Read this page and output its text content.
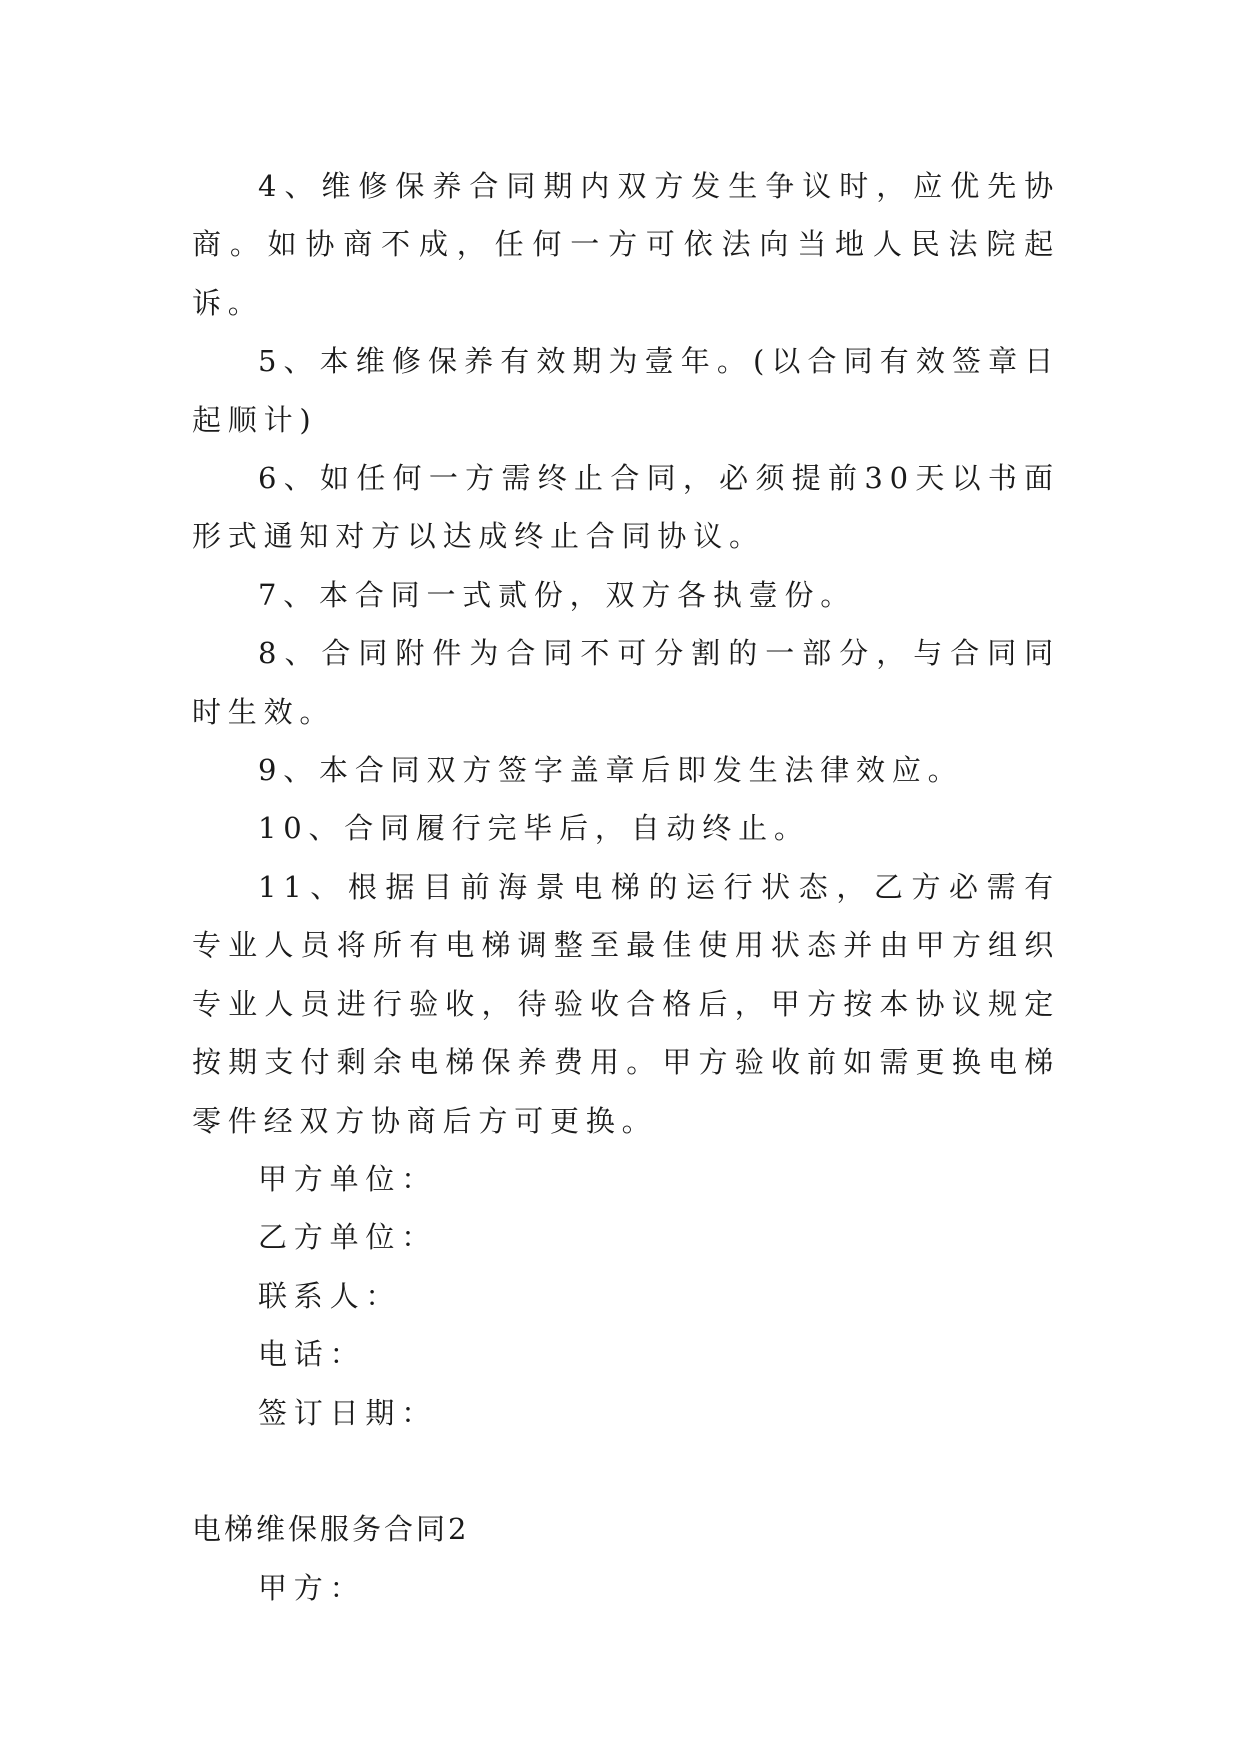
4、维修保养合同期内双方发生争议时，应优先协商。如协商不成，任何一方可依法向当地人民法院起诉。

5、本维修保养有效期为壹年。(以合同有效签章日起顺计)

6、如任何一方需终止合同，必须提前30天以书面形式通知对方以达成终止合同协议。

7、本合同一式贰份，双方各执壹份。

8、合同附件为合同不可分割的一部分，与合同同时生效。

9、本合同双方签字盖章后即发生法律效应。

10、合同履行完毕后，自动终止。

11、根据目前海景电梯的运行状态，乙方必需有专业人员将所有电梯调整至最佳使用状态并由甲方组织专业人员进行验收，待验收合格后，甲方按本协议规定按期支付剩余电梯保养费用。甲方验收前如需更换电梯零件经双方协商后方可更换。

甲方单位：

乙方单位：

联系人：

电话：

签订日期：

电梯维保服务合同2

甲方：
